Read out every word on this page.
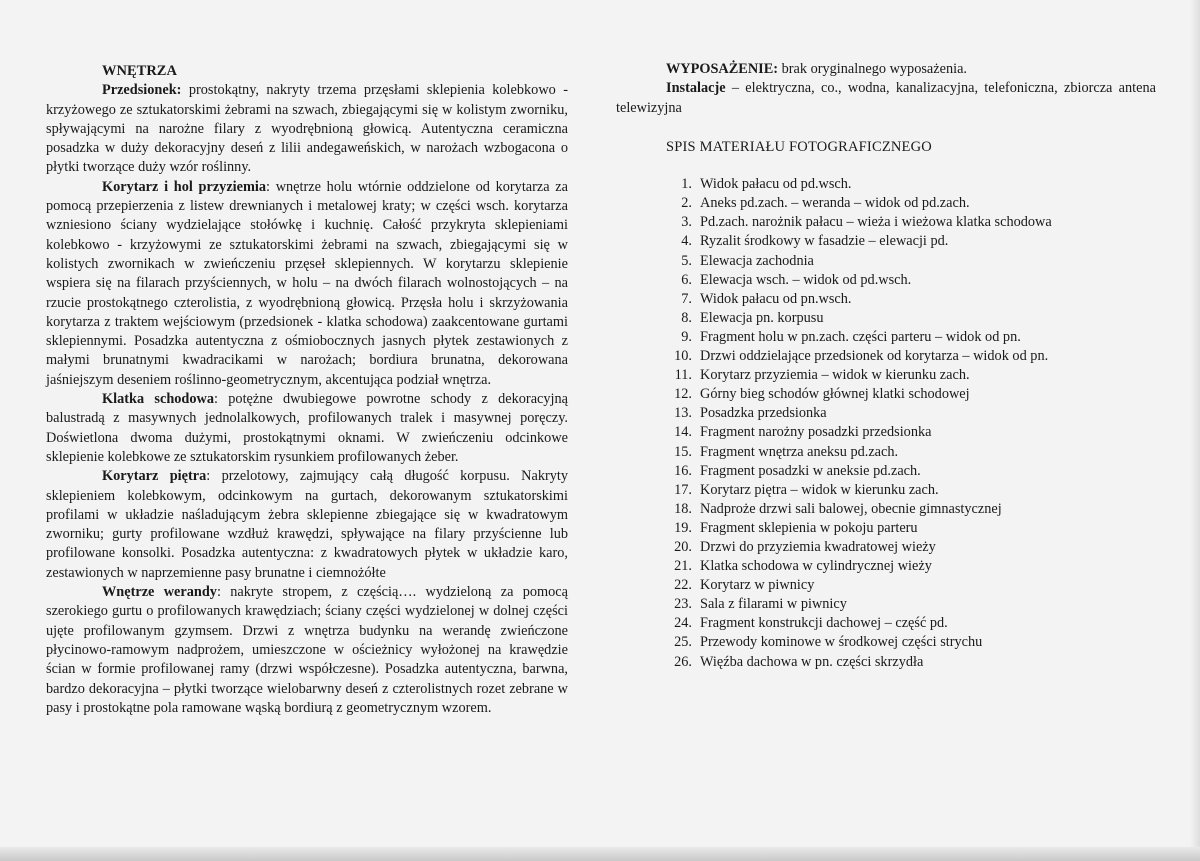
WNĘTRZA

Przedsionek: prostokątny, nakryty trzema przęsłami sklepienia kolebkowo - krzyżowego ze sztukatorskimi żebrami na szwach, zbiegającymi się w kolistym zworniku, spływającymi na narożne filary z wyodrębnioną głowicą. Autentyczna ceramiczna posadzka w duży dekoracyjny deseń z lilii andegaweńskich, w narożach wzbogacona o płytki tworzące duży wzór roślinny.

Korytarz i hol przyziemia: wnętrze holu wtórnie oddzielone od korytarza za pomocą przepierzenia z listew drewnianych i metalowej kraty; w części wsch. korytarza wzniesiono ściany wydzielające stołówkę i kuchnię. Całość przykryta sklepieniami kolebkowo - krzyżowymi ze sztukatorskimi żebrami na szwach, zbiegającymi się w kolistych zwornikach w zwieńczeniu przęseł sklepiennych. W korytarzu sklepienie wspiera się na filarach przyściennych, w holu – na dwóch filarach wolnostojących – na rzucie prostokątnego czterolistia, z wyodrębnioną głowicą. Przęsła holu i skrzyżowania korytarza z traktem wejściowym (przedsionek - klatka schodowa) zaakcentowane gurtami sklepiennymi. Posadzka autentyczna z ośmiobocznych jasnych płytek zestawionych z małymi brunatnymi kwadracikami w narożach; bordiura brunatna, dekorowana jaśniejszym deseniem roślinno-geometrycznym, akcentująca podział wnętrza.

Klatka schodowa: potężne dwubiegowe powrotne schody z dekoracyjną balustradą z masywnych jednolalkowych, profilowanych tralek i masywnej poręczy. Doświetlona dwoma dużymi, prostokątnymi oknami. W zwieńczeniu odcinkowe sklepienie kolebkowe ze sztukatorskim rysunkiem profilowanych żeber.

Korytarz piętra: przelotowy, zajmujący całą długość korpusu. Nakryty sklepieniem kolebkowym, odcinkowym na gurtach, dekorowanym sztukatorskimi profilami w układzie naśladującym żebra sklepienne zbiegające się w kwadratowym zworniku; gurty profilowane wzdłuż krawędzi, spływające na filary przyścienne lub profilowane konsolki. Posadzka autentyczna: z kwadratowych płytek w układzie karo, zestawionych w naprzemienne pasy brunatne i ciemnożółte

Wnętrze werandy: nakryte stropem, z częścią…. wydzieloną za pomocą szerokiego gurtu o profilowanych krawędziach; ściany części wydzielonej w dolnej części ujęte profilowanym gzymsem. Drzwi z wnętrza budynku na werandę zwieńczone płycinowo-ramowym nadprożem, umieszczone w ościeżnicy wyłożonej na krawędzie ścian w formie profilowanej ramy (drzwi współczesne). Posadzka autentyczna, barwna, bardzo dekoracyjna – płytki tworzące wielobarwny deseń z czterolistnych rozet zebrane w pasy i prostokątne pola ramowane wąską bordiurą z geometrycznym wzorem.

WYPOSAŻENIE: brak oryginalnego wyposażenia.

Instalacje – elektryczna, co., wodna, kanalizacyjna, telefoniczna, zbiorcza antena telewizyjna

SPIS MATERIAŁU FOTOGRAFICZNEGO

1. Widok pałacu od pd.wsch.
2. Aneks pd.zach. – weranda – widok od pd.zach.
3. Pd.zach. narożnik pałacu – wieża i wieżowa klatka schodowa
4. Ryzalit środkowy w fasadzie – elewacji pd.
5. Elewacja zachodnia
6. Elewacja wsch. – widok od pd.wsch.
7. Widok pałacu od pn.wsch.
8. Elewacja pn. korpusu
9. Fragment holu w pn.zach. części parteru – widok od pn.
10. Drzwi oddzielające przedsionek od korytarza – widok od pn.
11. Korytarz przyziemia – widok w kierunku zach.
12. Górny bieg schodów głównej klatki schodowej
13. Posadzka przedsionka
14. Fragment narożny posadzki przedsionka
15. Fragment wnętrza aneksu pd.zach.
16. Fragment posadzki w aneksie pd.zach.
17. Korytarz piętra – widok w kierunku zach.
18. Nadproże drzwi sali balowej, obecnie gimnastycznej
19. Fragment sklepienia w pokoju parteru
20. Drzwi do przyziemia kwadratowej wieży
21. Klatka schodowa w cylindrycznej wieży
22. Korytarz w piwnicy
23. Sala z filarami w piwnicy
24. Fragment konstrukcji dachowej – część pd.
25. Przewody kominowe w środkowej części strychu
26. Więźba dachowa w pn. części skrzydła
